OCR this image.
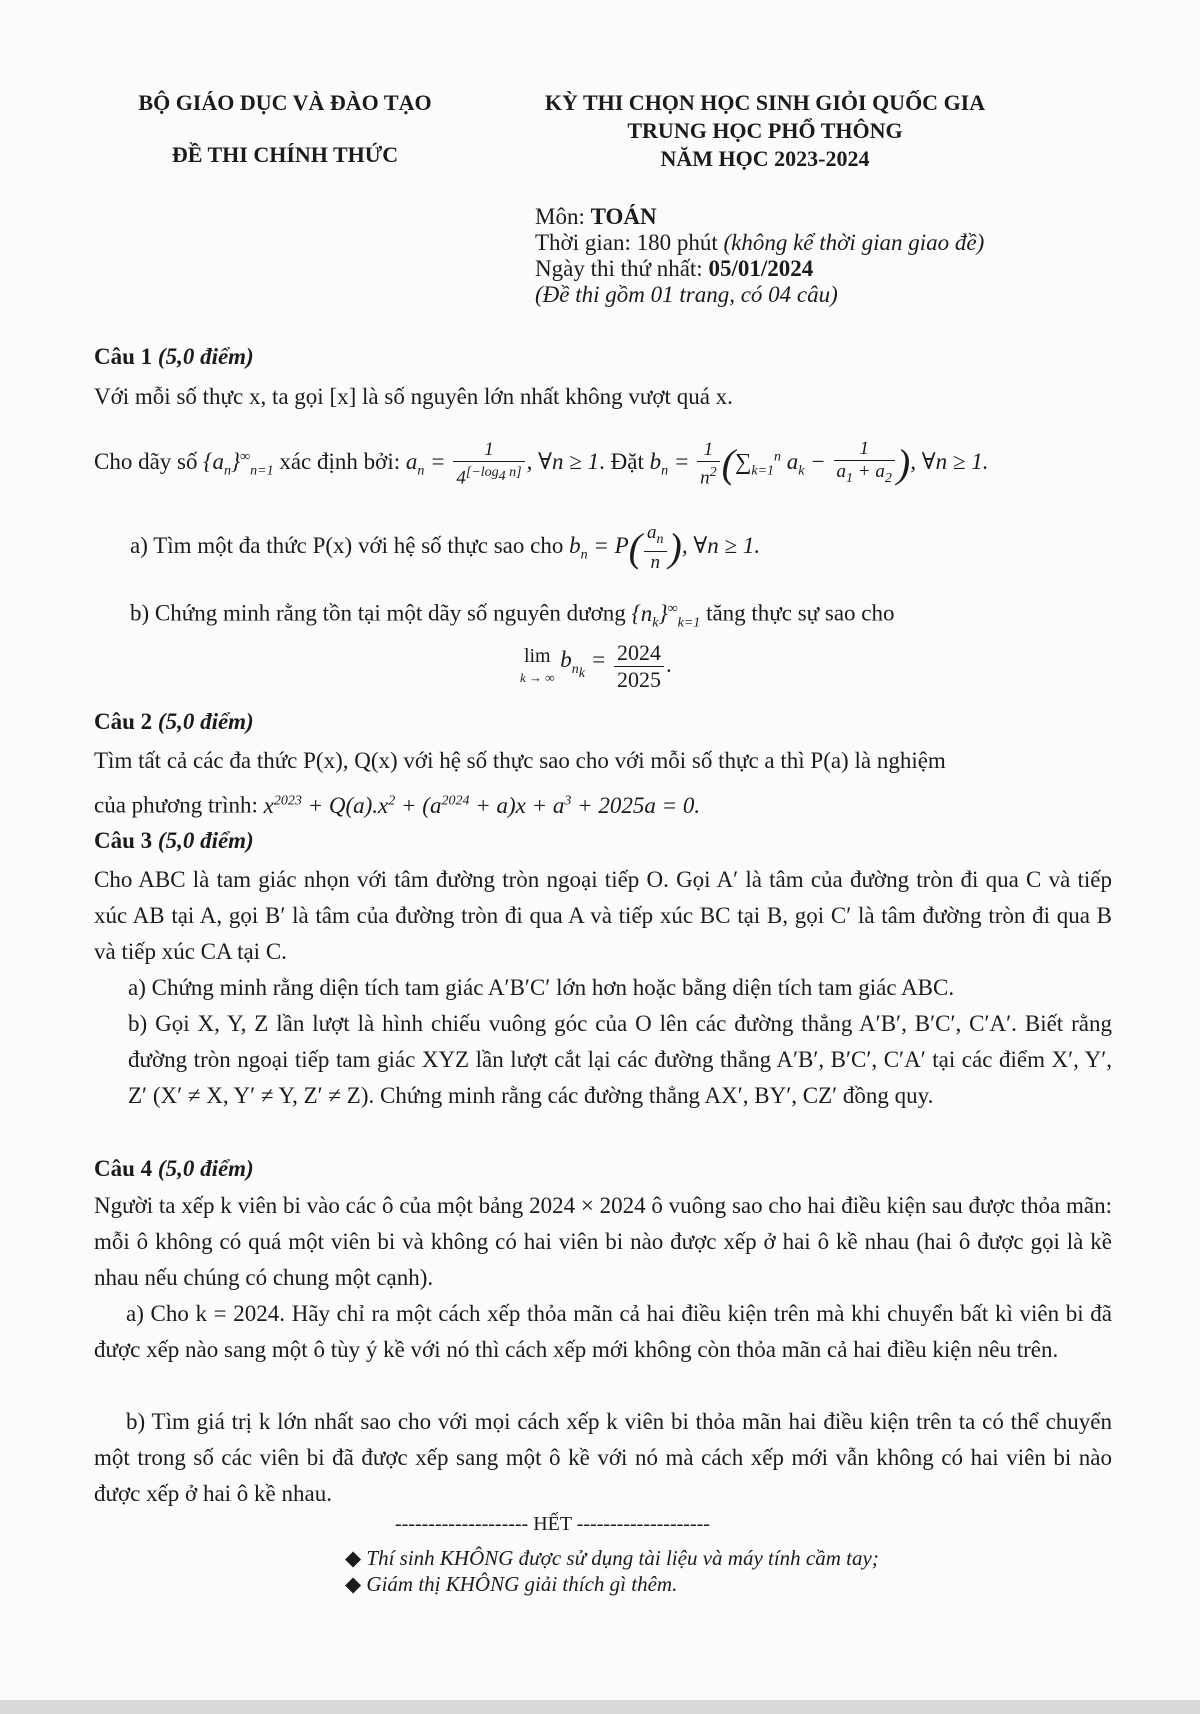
BỘ GIÁO DỤC VÀ ĐÀO TẠO
ĐỀ THI CHÍNH THỨC
KỲ THI CHỌN HỌC SINH GIỎI QUỐC GIA
TRUNG HỌC PHỔ THÔNG
NĂM HỌC 2023-2024
Môn: TOÁN
Thời gian: 180 phút (không kể thời gian giao đề)
Ngày thi thứ nhất: 05/01/2024
(Đề thi gồm 01 trang, có 04 câu)
Câu 1 (5,0 điểm)
Với mỗi số thực x, ta gọi [x] là số nguyên lớn nhất không vượt quá x.
Cho dãy số $\{a_n\}^\infty_{n=1}$ xác định bởi: $a_n = \frac{1}{4^{[-log_4 n]}}$ , ∀n ≥ 1. Đặt $b_n = \frac{1}{n^2} (\sum_{k=1}^n$ $a_k - \frac{1}{a_1 + a_2}$ ), ∀n ≥ 1.
a) Tìm một đa thức P(x) với hệ số thực sao cho $b_n = P( \frac{a_n}{n}$ ), ∀n ≥ 1.
b) Chứng minh rằng tồn tại một dãy số nguyên dương $\{n_k\}^\infty_{k=1}$ tăng thực sự sao cho
lim
k → ∞ $b_{n_k} = \frac{2024}{2025}$ .
Câu 2 (5,0 điểm)
Tìm tất cả các đa thức P(x), Q(x) với hệ số thực sao cho với mỗi số thực a thì P(a) là nghiệm
của phương trình: $x^{2023} + Q(a).x^2 + (a^{2024} + a)x + a^3 + 2025a = 0$.
Câu 3 (5,0 điểm)
Cho ABC là tam giác nhọn với tâm đường tròn ngoại tiếp O. Gọi A′ là tâm của đường tròn đi qua C và tiếp xúc AB tại A, gọi B′ là tâm của đường tròn đi qua A và tiếp xúc BC tại B, gọi C′ là tâm đường tròn đi qua B và tiếp xúc CA tại C.
a) Chứng minh rằng diện tích tam giác A′B′C′ lớn hơn hoặc bằng diện tích tam giác ABC.
b) Gọi X, Y, Z lần lượt là hình chiếu vuông góc của O lên các đường thẳng A′B′, B′C′, C′A′. Biết rằng đường tròn ngoại tiếp tam giác XYZ lần lượt cắt lại các đường thẳng A′B′, B′C′, C′A′ tại các điểm X′, Y′, Z′ (X′ ≠ X, Y′ ≠ Y, Z′ ≠ Z). Chứng minh rằng các đường thẳng AX′, BY′, CZ′ đồng quy.
Câu 4 (5,0 điểm)
Người ta xếp k viên bi vào các ô của một bảng 2024 × 2024 ô vuông sao cho hai điều kiện sau được thỏa mãn: mỗi ô không có quá một viên bi và không có hai viên bi nào được xếp ở hai ô kề nhau (hai ô được gọi là kề nhau nếu chúng có chung một cạnh).
a) Cho k = 2024. Hãy chỉ ra một cách xếp thỏa mãn cả hai điều kiện trên mà khi chuyển bất kì viên bi đã được xếp nào sang một ô tùy ý kề với nó thì cách xếp mới không còn thỏa mãn cả hai điều kiện nêu trên.
b) Tìm giá trị k lớn nhất sao cho với mọi cách xếp k viên bi thỏa mãn hai điều kiện trên ta có thể chuyển một trong số các viên bi đã được xếp sang một ô kề với nó mà cách xếp mới vẫn không có hai viên bi nào được xếp ở hai ô kề nhau.
-------------------- HẾT --------------------
◆ Thí sinh KHÔNG được sử dụng tài liệu và máy tính cầm tay;
◆ Giám thị KHÔNG giải thích gì thêm.
